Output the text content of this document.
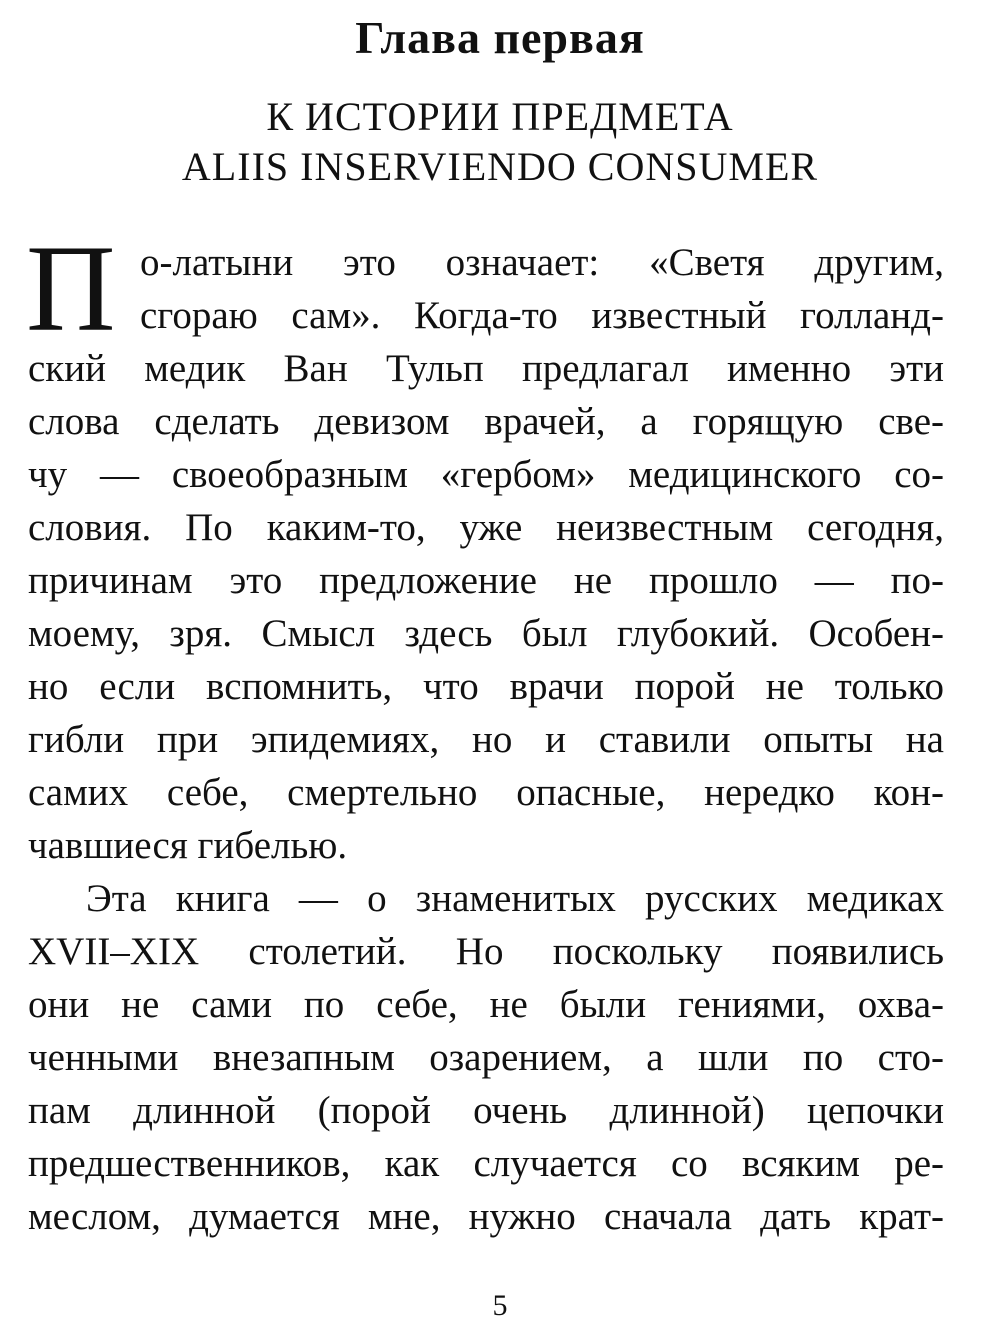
Глава первая
К ИСТОРИИ ПРЕДМЕТА
ALIIS INSERVIENDO CONSUMER
П о-латыни это означает: «Светя другим,
сгораю сам». Когда-то известный голланд-
ский медик Ван Тульп предлагал именно эти
слова сделать девизом врачей, а горящую све-
чу — своеобразным «гербом» медицинского со-
словия. По каким-то, уже неизвестным сегодня,
причинам это предложение не прошло — по-
моему, зря. Смысл здесь был глубокий. Особен-
но если вспомнить, что врачи порой не только
гибли при эпидемиях, но и ставили опыты на
самих себе, смертельно опасные, нередко кон-
чавшиеся гибелью.
Эта книга — о знаменитых русских медиках
XVII–XIX столетий. Но поскольку появились
они не сами по себе, не были гениями, охва-
ченными внезапным озарением, а шли по сто-
пам длинной (порой очень длинной) цепочки
предшественников, как случается со всяким ре-
меслом, думается мне, нужно сначала дать крат-
5
